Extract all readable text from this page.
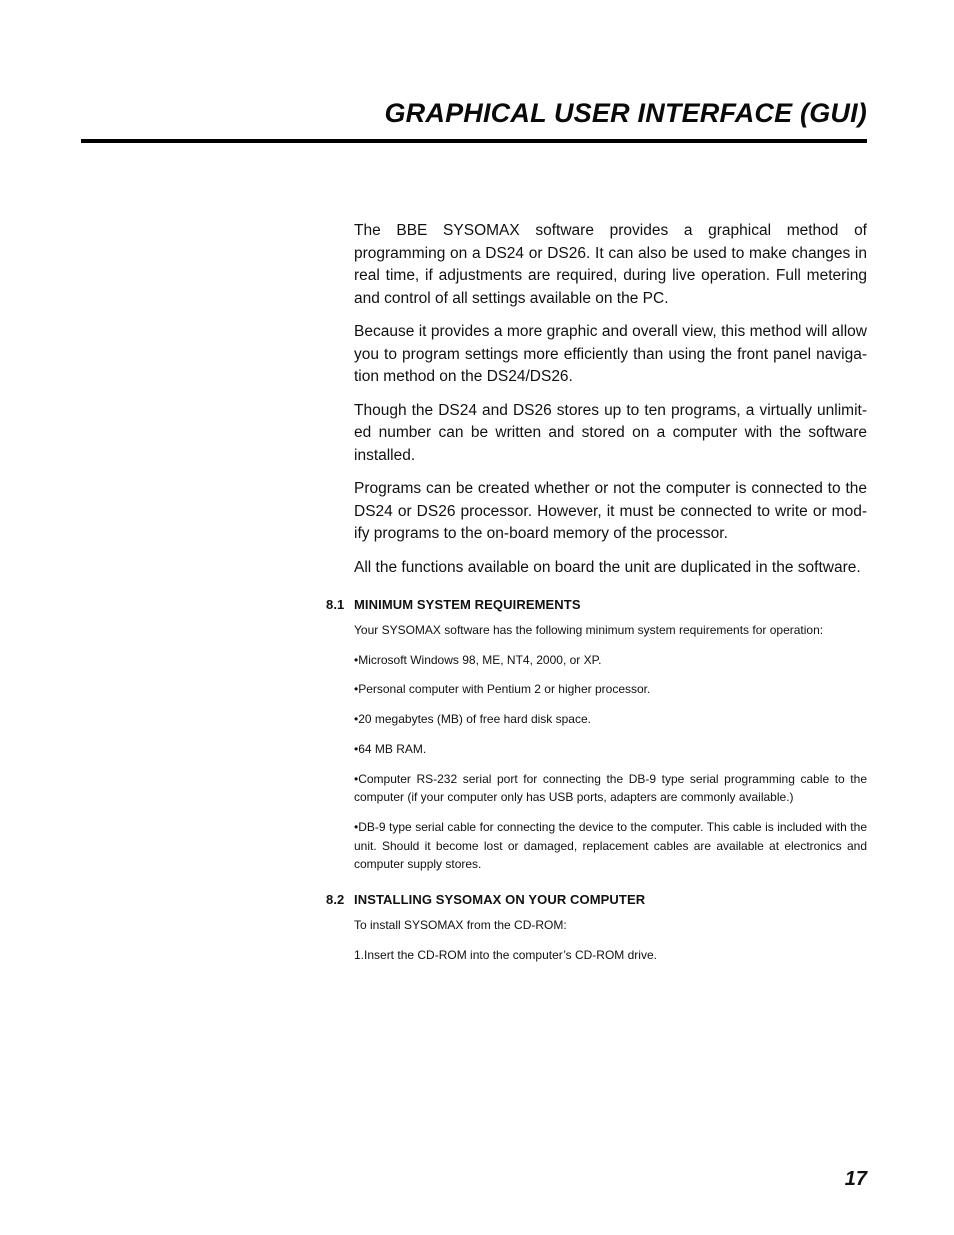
GRAPHICAL USER INTERFACE (GUI)

The BBE SYSOMAX software provides a graphical method of programming on a DS24 or DS26. It can also be used to make changes in real time, if adjustments are required, during live operation. Full metering and control of all settings available on the PC.

Because it provides a more graphic and overall view, this method will allow you to program settings more efficiently than using the front panel naviga-tion method on the DS24/DS26.

Though the DS24 and DS26 stores up to ten programs, a virtually unlimit-ed number can be written and stored on a computer with the software installed.

Programs can be created whether or not the computer is connected to the DS24 or DS26 processor. However, it must be connected to write or mod-ify programs to the on-board memory of the processor.

All the functions available on board the unit are duplicated in the software.

8.1 MINIMUM SYSTEM REQUIREMENTS

Your SYSOMAX software has the following minimum system requirements for operation:

•Microsoft Windows 98, ME, NT4, 2000, or XP.

•Personal computer with Pentium 2 or higher processor.

•20 megabytes (MB) of free hard disk space.

•64 MB RAM.

•Computer RS-232 serial port for connecting the DB-9 type serial programming cable to the computer (if your computer only has USB ports, adapters are commonly available.)

•DB-9 type serial cable for connecting the device to the computer. This cable is included with the unit. Should it become lost or damaged, replacement cables are available at electronics and computer supply stores.

8.2 INSTALLING SYSOMAX ON YOUR COMPUTER

To install SYSOMAX from the CD-ROM:

1.Insert the CD-ROM into the computer’s CD-ROM drive.

17
